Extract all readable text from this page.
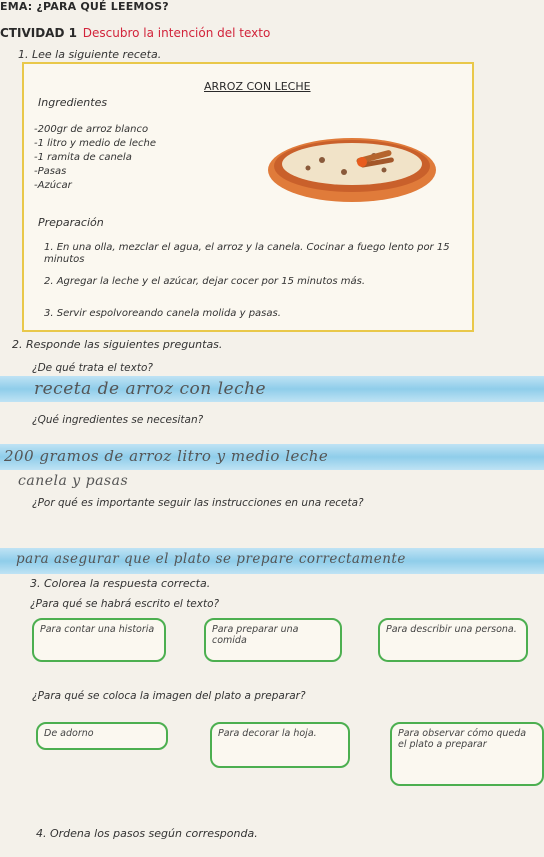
EMA: ¿PARA QUÉ LEEMOS?
CTIVIDAD 1 Descubro la intención del texto
1. Lee la siguiente receta.
ARROZ CON LECHE
Ingredientes
-200gr de arroz blanco
-1 litro y medio de leche
-1 ramita de canela
-Pasas
-Azúcar
Preparación
1. En una olla, mezclar el agua, el arroz y la canela. Cocinar a fuego lento por 15 minutos
2. Agregar la leche y el azúcar, dejar cocer por 15 minutos más.
3. Servir espolvoreando canela molida y pasas.
2. Responde las siguientes preguntas.
¿De qué trata el texto?
receta de arroz con leche
¿Qué ingredientes se necesitan?
200 gramos de arroz litro y medio leche
canela y pasas
¿Por qué es importante seguir las instrucciones en una receta?
para asegurar que el plato se prepare correctamente
3. Colorea la respuesta correcta.
¿Para qué se habrá escrito el texto?
Para contar una historia	Para preparar una comida
Para describir una persona.
¿Para qué se coloca la imagen del plato a preparar?
De adorno	Para decorar la hoja.	Para observar cómo queda el plato a preparar
4. Ordena los pasos según corresponda.
